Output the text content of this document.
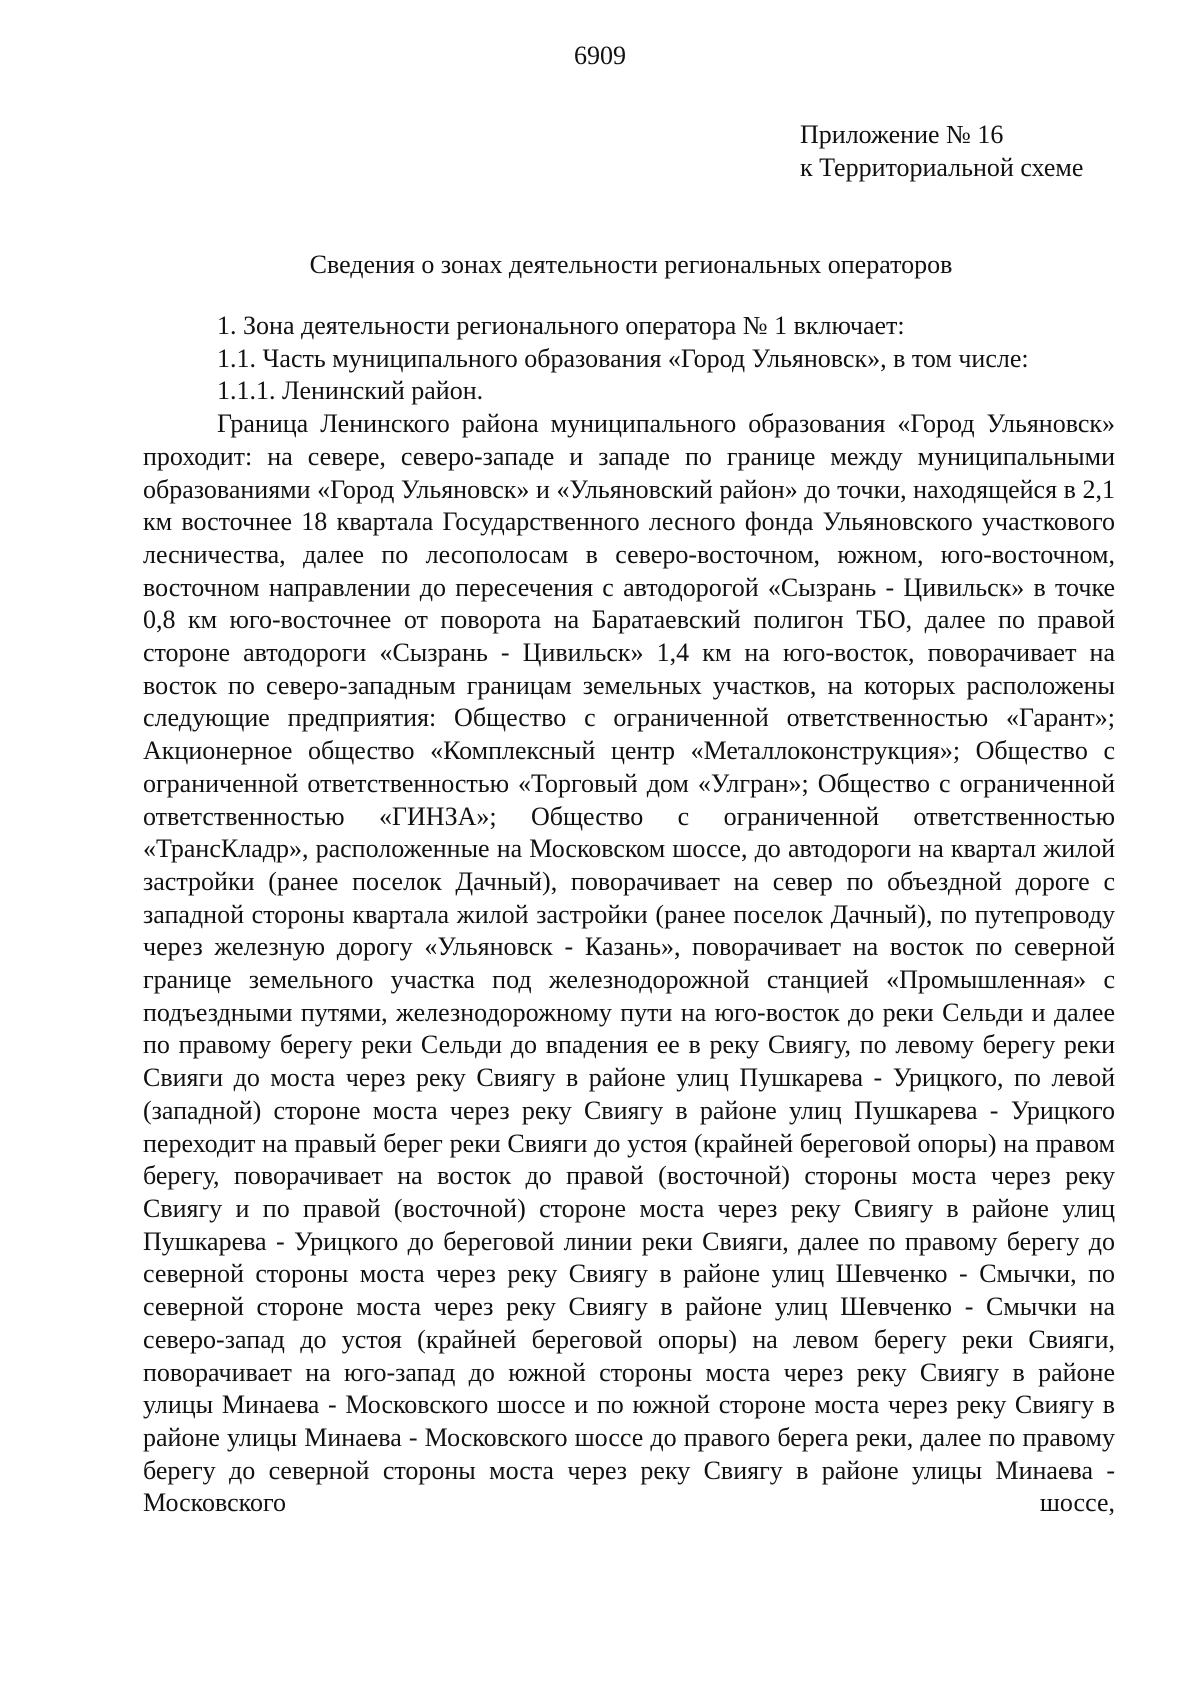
6909
Приложение № 16
к Территориальной схеме
Сведения о зонах деятельности региональных операторов

1. Зона деятельности регионального оператора № 1 включает:

1.1. Часть муниципального образования «Город Ульяновск», в том числе:

1.1.1. Ленинский район.

Граница Ленинского района муниципального образования «Город Ульяновск» проходит: на севере, северо-западе и западе по границе между муниципальными образованиями «Город Ульяновск» и «Ульяновский район» до точки, находящейся в 2,1 км восточнее 18 квартала Государственного лесного фонда Ульяновского участкового лесничества, далее по лесополосам в северо-восточном, южном, юго-восточном, восточном направлении до пересечения с автодорогой «Сызрань - Цивильск» в точке 0,8 км юго-восточнее от поворота на Баратаевский полигон ТБО, далее по правой стороне автодороги «Сызрань - Цивильск» 1,4 км на юго-восток, поворачивает на восток по северо-западным границам земельных участков, на которых расположены следующие предприятия: Общество с ограниченной ответственностью «Гарант»; Акционерное общество «Комплексный центр «Металлоконструкция»; Общество с ограниченной ответственностью «Торговый дом «Улгран»; Общество с ограниченной ответственностью «ГИНЗА»; Общество с ограниченной ответственностью «ТрансКладр», расположенные на Московском шоссе, до автодороги на квартал жилой застройки (ранее поселок Дачный), поворачивает на север по объездной дороге с западной стороны квартала жилой застройки (ранее поселок Дачный), по путепроводу через железную дорогу «Ульяновск - Казань», поворачивает на восток по северной границе земельного участка под железнодорожной станцией «Промышленная» с подъездными путями, железнодорожному пути на юго-восток до реки Сельди и далее по правому берегу реки Сельди до впадения ее в реку Свиягу, по левому берегу реки Свияги до моста через реку Свиягу в районе улиц Пушкарева - Урицкого, по левой (западной) стороне моста через реку Свиягу в районе улиц Пушкарева - Урицкого переходит на правый берег реки Свияги до устоя (крайней береговой опоры) на правом берегу, поворачивает на восток до правой (восточной) стороны моста через реку Свиягу и по правой (восточной) стороне моста через реку Свиягу в районе улиц Пушкарева - Урицкого до береговой линии реки Свияги, далее по правому берегу до северной стороны моста через реку Свиягу в районе улиц Шевченко - Смычки, по северной стороне моста через реку Свиягу в районе улиц Шевченко - Смычки на северо-запад до устоя (крайней береговой опоры) на левом берегу реки Свияги, поворачивает на юго-запад до южной стороны моста через реку Свиягу в районе улицы Минаева - Московского шоссе и по южной стороне моста через реку Свиягу в районе улицы Минаева - Московского шоссе до правого берега реки, далее по правому берегу до северной стороны моста через реку Свиягу в районе улицы Минаева - Московского шоссе,
